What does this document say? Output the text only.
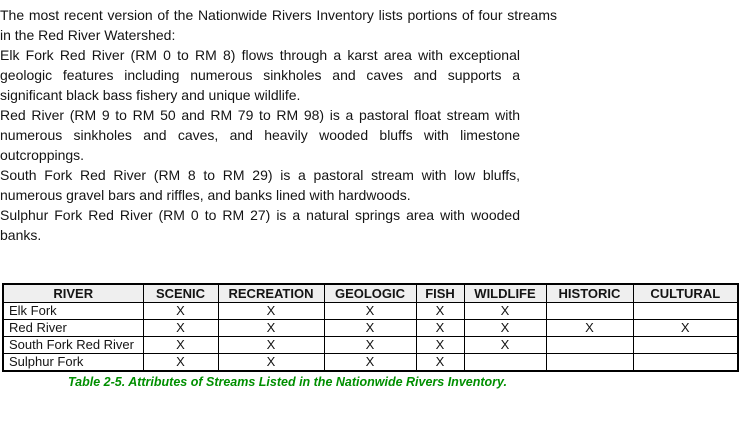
The most recent version of the Nationwide Rivers Inventory lists portions of four streams in the Red River Watershed:

Elk Fork Red River (RM 0 to RM 8) flows through a karst area with exceptional geologic features including numerous sinkholes and caves and supports a significant black bass fishery and unique wildlife.

Red River (RM 9 to RM 50 and RM 79 to RM 98) is a pastoral float stream with numerous sinkholes and caves, and heavily wooded bluffs with limestone outcroppings.

South Fork Red River (RM 8 to RM 29) is a pastoral stream with low bluffs, numerous gravel bars and riffles, and banks lined with hardwoods.

Sulphur Fork Red River (RM 0 to RM 27) is a natural springs area with wooded banks.

RIVER	SCENIC	RECREATION	GEOLOGIC	FISH	WILDLIFE	HISTORIC	CULTURAL
Elk Fork	X	X	X	X	X		
Red River	X	X	X	X	X	X	X
South Fork Red River	X	X	X	X	X		
Sulphur Fork	X	X	X	X			

Table 2-5. Attributes of Streams Listed in the Nationwide Rivers Inventory.
